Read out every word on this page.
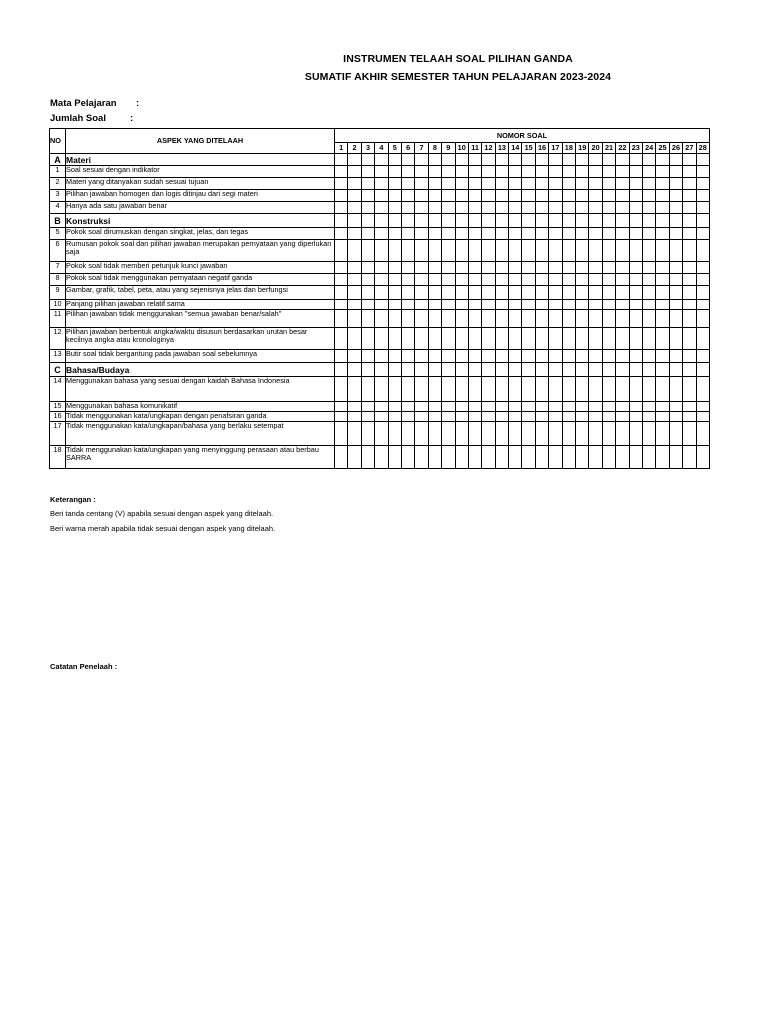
INSTRUMEN TELAAH SOAL PILIHAN GANDA
SUMATIF AKHIR SEMESTER TAHUN PELAJARAN 2023-2024
Mata Pelajaran :
Jumlah Soal	:
NO	ASPEK YANG DITELAAH	NOMOR SOAL																											
		1	2	3	4	5	6	7	8	9	10	11	12	13	14	15	16	17	18	19	20	21	22	23	24	25	26	27	28
A	Materi																												
1	Soal sesuai dengan indikator																												
2	Materi yang ditanyakan sudah sesuai tujuan																												
3	Pilihan jawaban homogen dan logis ditinjau dari segi materi																												
4	Hanya ada satu jawaban benar																												
B	Konstruksi																												
5	Pokok soal dirumuskan dengan singkat, jelas, dan tegas																												
6	Rumusan pokok soal dan pilihan jawaban merupakan pernyataan yang diperlukan saja																												
7	Pokok soal tidak memberi petunjuk kunci jawaban																												
8	Pokok soal tidak menggunakan pernyataan negatif ganda																												
9	Gambar, grafik, tabel, peta, atau yang sejenisnya jelas dan berfungsi																												
10	Panjang pilihan jawaban relatif sama																												
11	Pilihan jawaban tidak menggunakan "semua jawaban benar/salah"																												
12	Pilihan jawaban berbentuk angka/waktu disusun berdasarkan urutan besar kecilnya angka atau kronologinya																												
13	Butir soal tidak bergantung pada jawaban soal sebelumnya																												
C	Bahasa/Budaya																												
14	Menggunakan bahasa yang sesuai dengan kaidah Bahasa Indonesia																												
15	Menggunakan bahasa komunikatif																												
16	Tidak menggunakan kata/ungkapan dengan penafsiran ganda																												
17	Tidak menggunakan kata/ungkapan/bahasa yang berlaku setempat																												
18	Tidak menggunakan kata/ungkapan yang menyinggung perasaan atau berbau SARRA																												
Keterangan :
Beri tanda centang (V) apabila sesuai dengan aspek yang ditelaah.
Beri warna merah apabila tidak sesuai dengan aspek yang ditelaah.
Catatan Penelaah :
